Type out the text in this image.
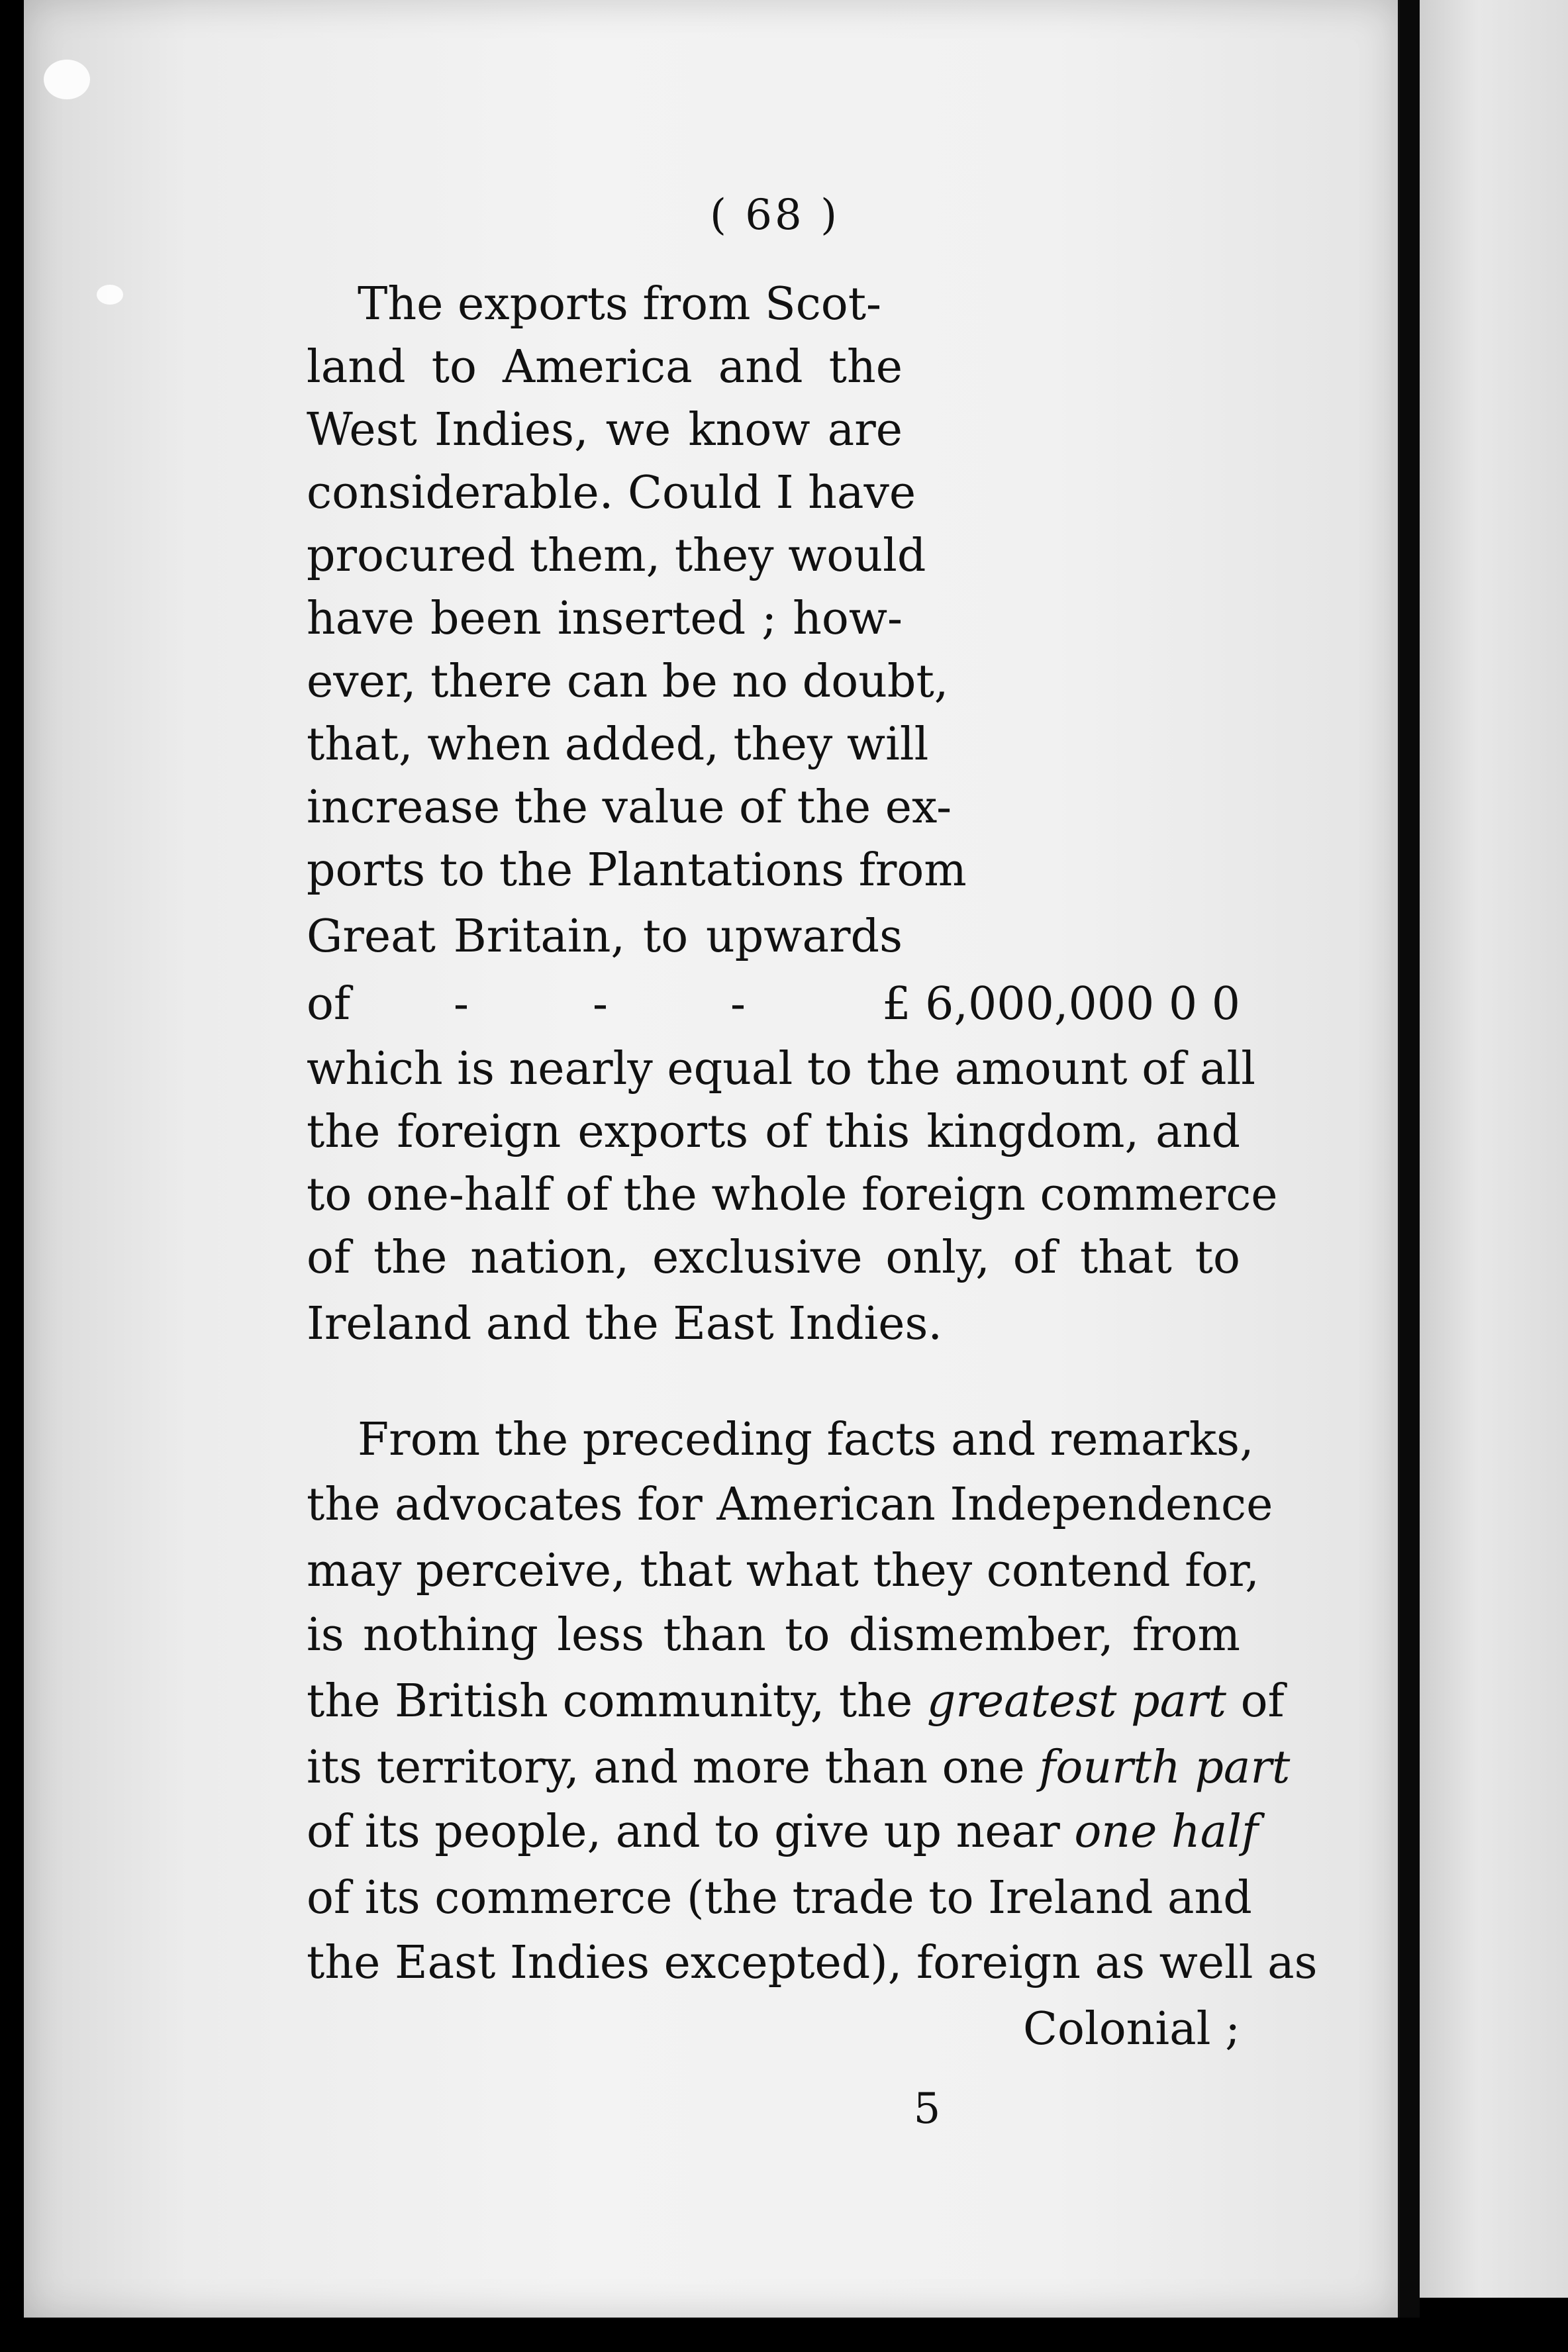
( 68 )
The exports from Scot-
land to America and the
West Indies, we know are
considerable. Could I have
procured them, they would
have been inserted ; how-
ever, there can be no doubt,
that, when added, they will
increase the value of the ex-
ports to the Plantations from
Great Britain, to upwards
of -	-	-	£ 6,000,000 0 0
which is nearly equal to the amount of all
the foreign exports of this kingdom, and
to one-half of the whole foreign commerce
of the nation, exclusive only, of that to
Ireland and the East Indies.
From the preceding facts and remarks,
the advocates for American Independence
may perceive, that what they contend for,
is nothing less than to dismember, from
the British community, the greatest part of
its territory, and more than one fourth part
of its people, and to give up near one half
of its commerce (the trade to Ireland and
the East Indies excepted), foreign as well as
Colonial ;
5
